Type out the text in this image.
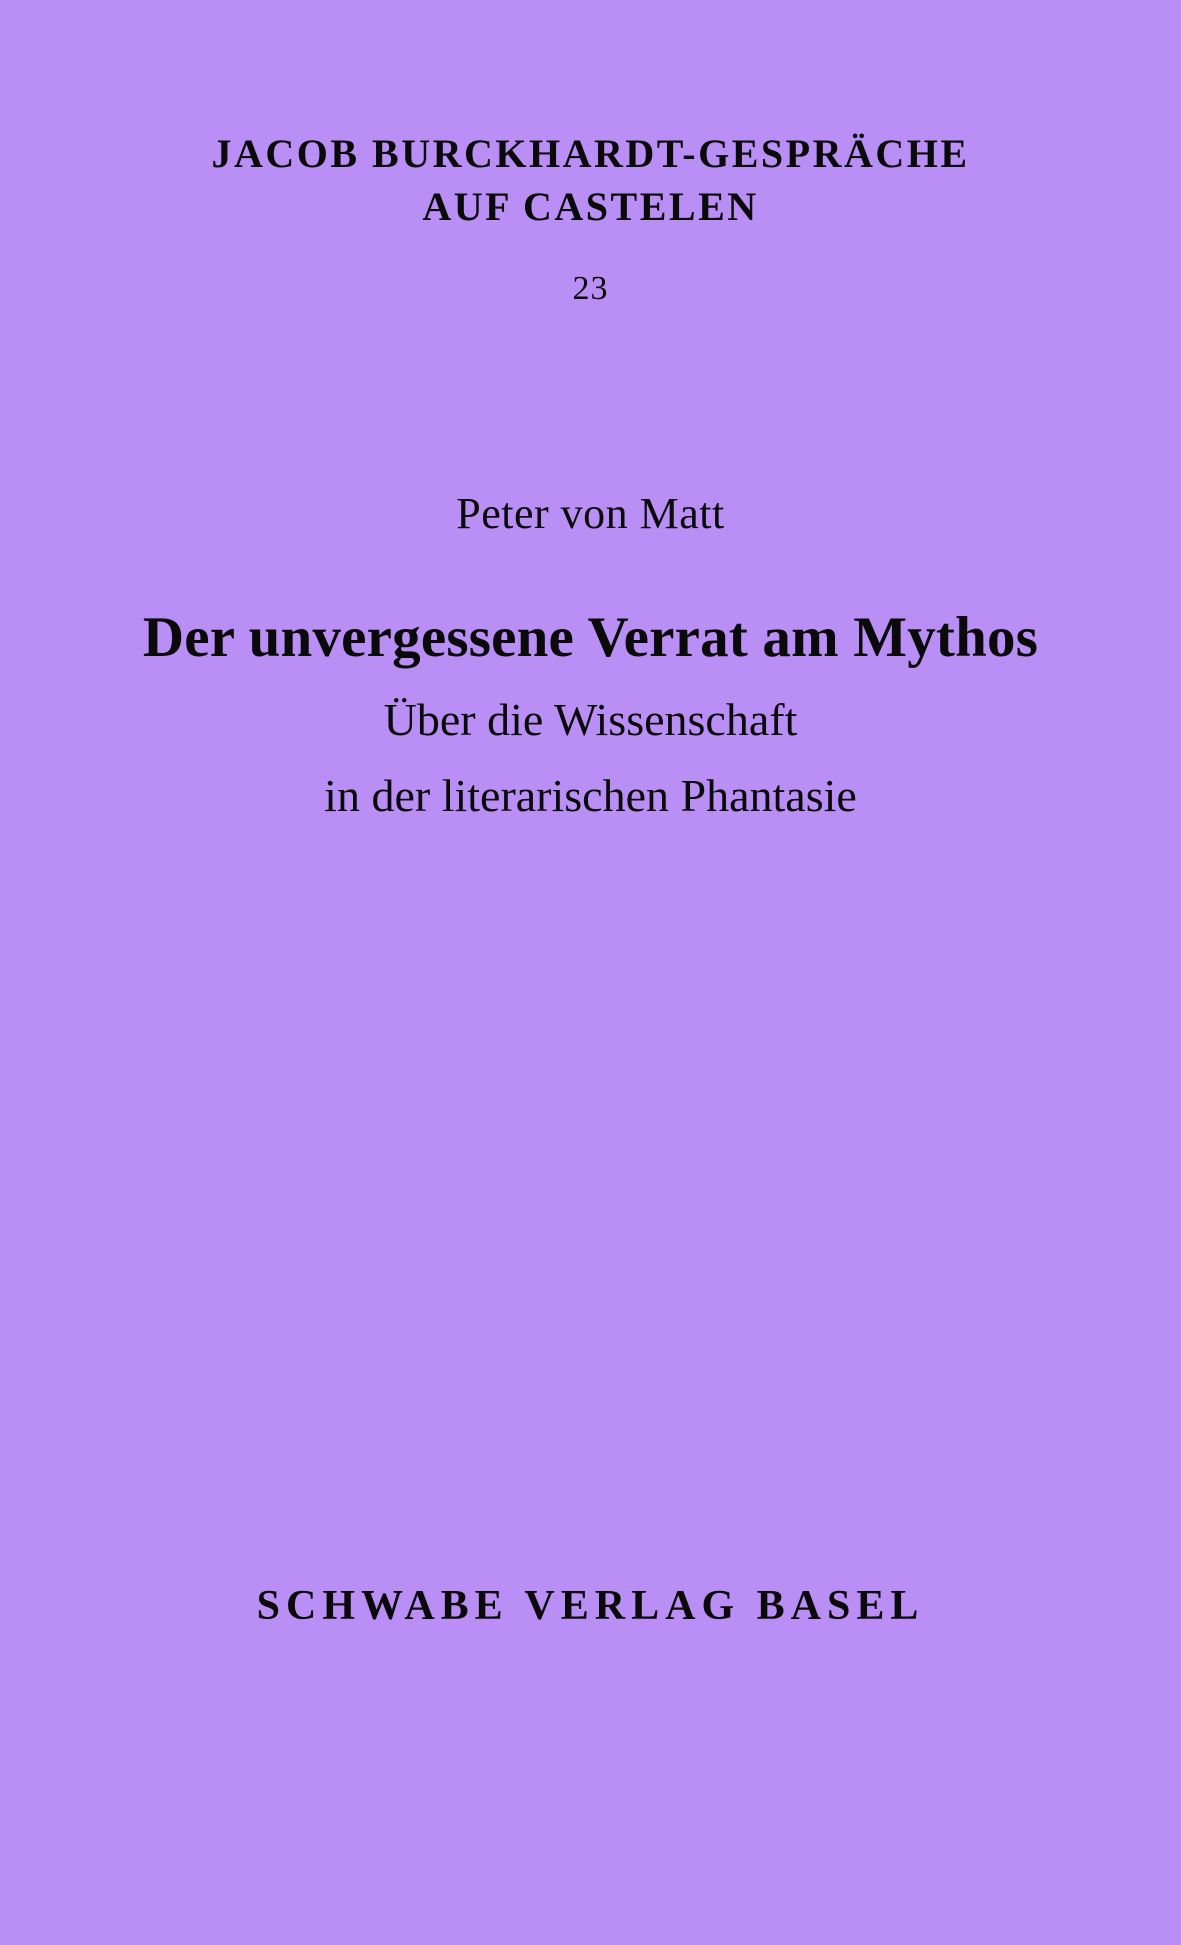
JACOB BURCKHARDT-GESPRÄCHE
AUF CASTELEN
23
Peter von Matt
Der unvergessene Verrat am Mythos
Über die Wissenschaft
in der literarischen Phantasie
SCHWABE VERLAG BASEL
